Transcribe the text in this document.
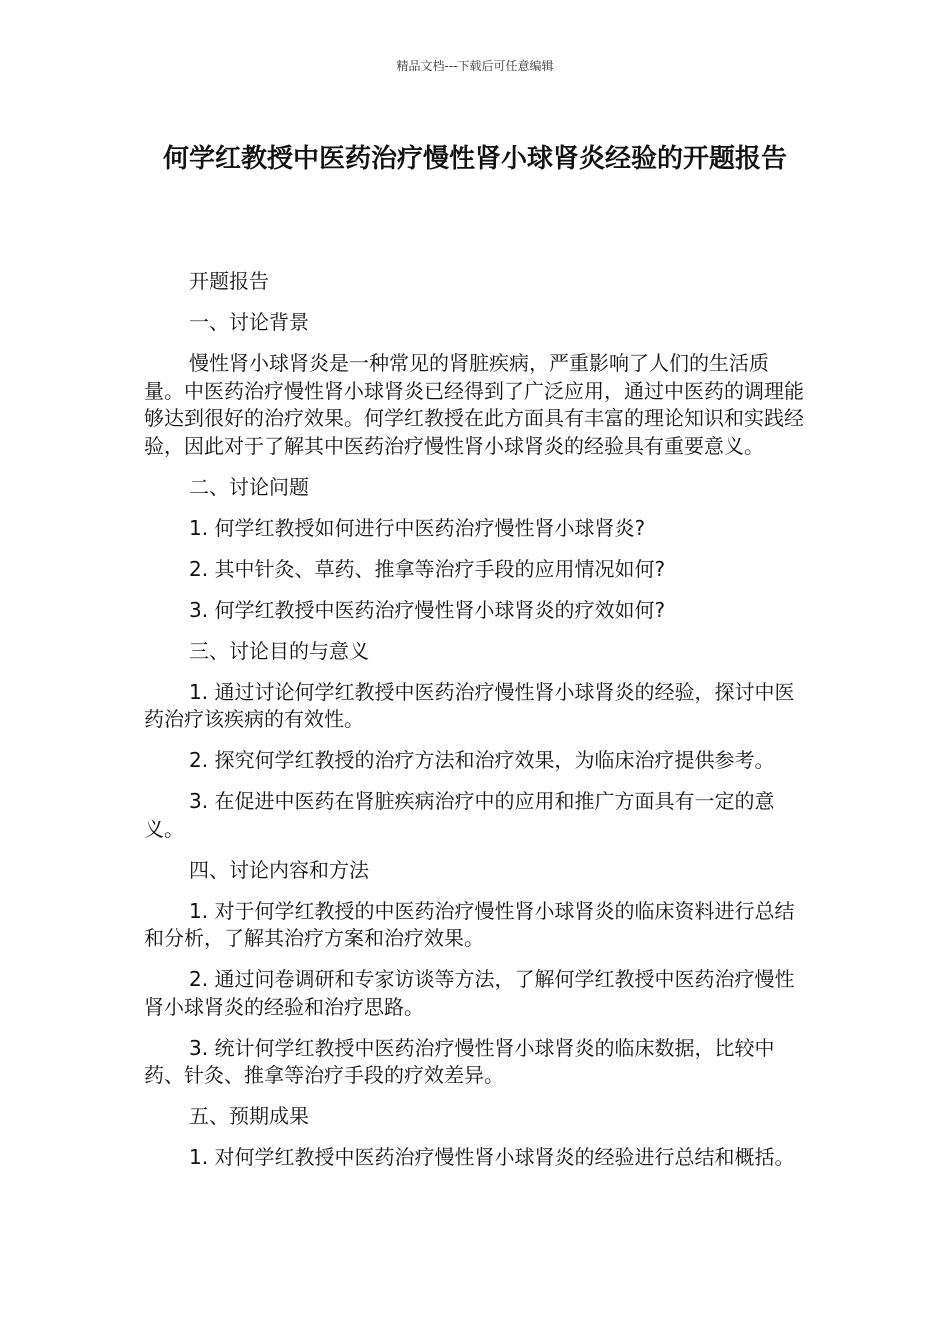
精品文档---下载后可任意编辑
何学红教授中医药治疗慢性肾小球肾炎经验的开题报告

开题报告

一、讨论背景

慢性肾小球肾炎是一种常见的肾脏疾病，严重影响了人们的生活质量。中医药治疗慢性肾小球肾炎已经得到了广泛应用，通过中医药的调理能够达到很好的治疗效果。何学红教授在此方面具有丰富的理论知识和实践经验，因此对于了解其中医药治疗慢性肾小球肾炎的经验具有重要意义。

二、讨论问题

1. 何学红教授如何进行中医药治疗慢性肾小球肾炎?

2. 其中针灸、草药、推拿等治疗手段的应用情况如何?

3. 何学红教授中医药治疗慢性肾小球肾炎的疗效如何?

三、讨论目的与意义

1. 通过讨论何学红教授中医药治疗慢性肾小球肾炎的经验，探讨中医药治疗该疾病的有效性。

2. 探究何学红教授的治疗方法和治疗效果，为临床治疗提供参考。

3. 在促进中医药在肾脏疾病治疗中的应用和推广方面具有一定的意义。

四、讨论内容和方法

1. 对于何学红教授的中医药治疗慢性肾小球肾炎的临床资料进行总结和分析，了解其治疗方案和治疗效果。

2. 通过问卷调研和专家访谈等方法，了解何学红教授中医药治疗慢性肾小球肾炎的经验和治疗思路。

3. 统计何学红教授中医药治疗慢性肾小球肾炎的临床数据，比较中药、针灸、推拿等治疗手段的疗效差异。

五、预期成果

1. 对何学红教授中医药治疗慢性肾小球肾炎的经验进行总结和概括。
